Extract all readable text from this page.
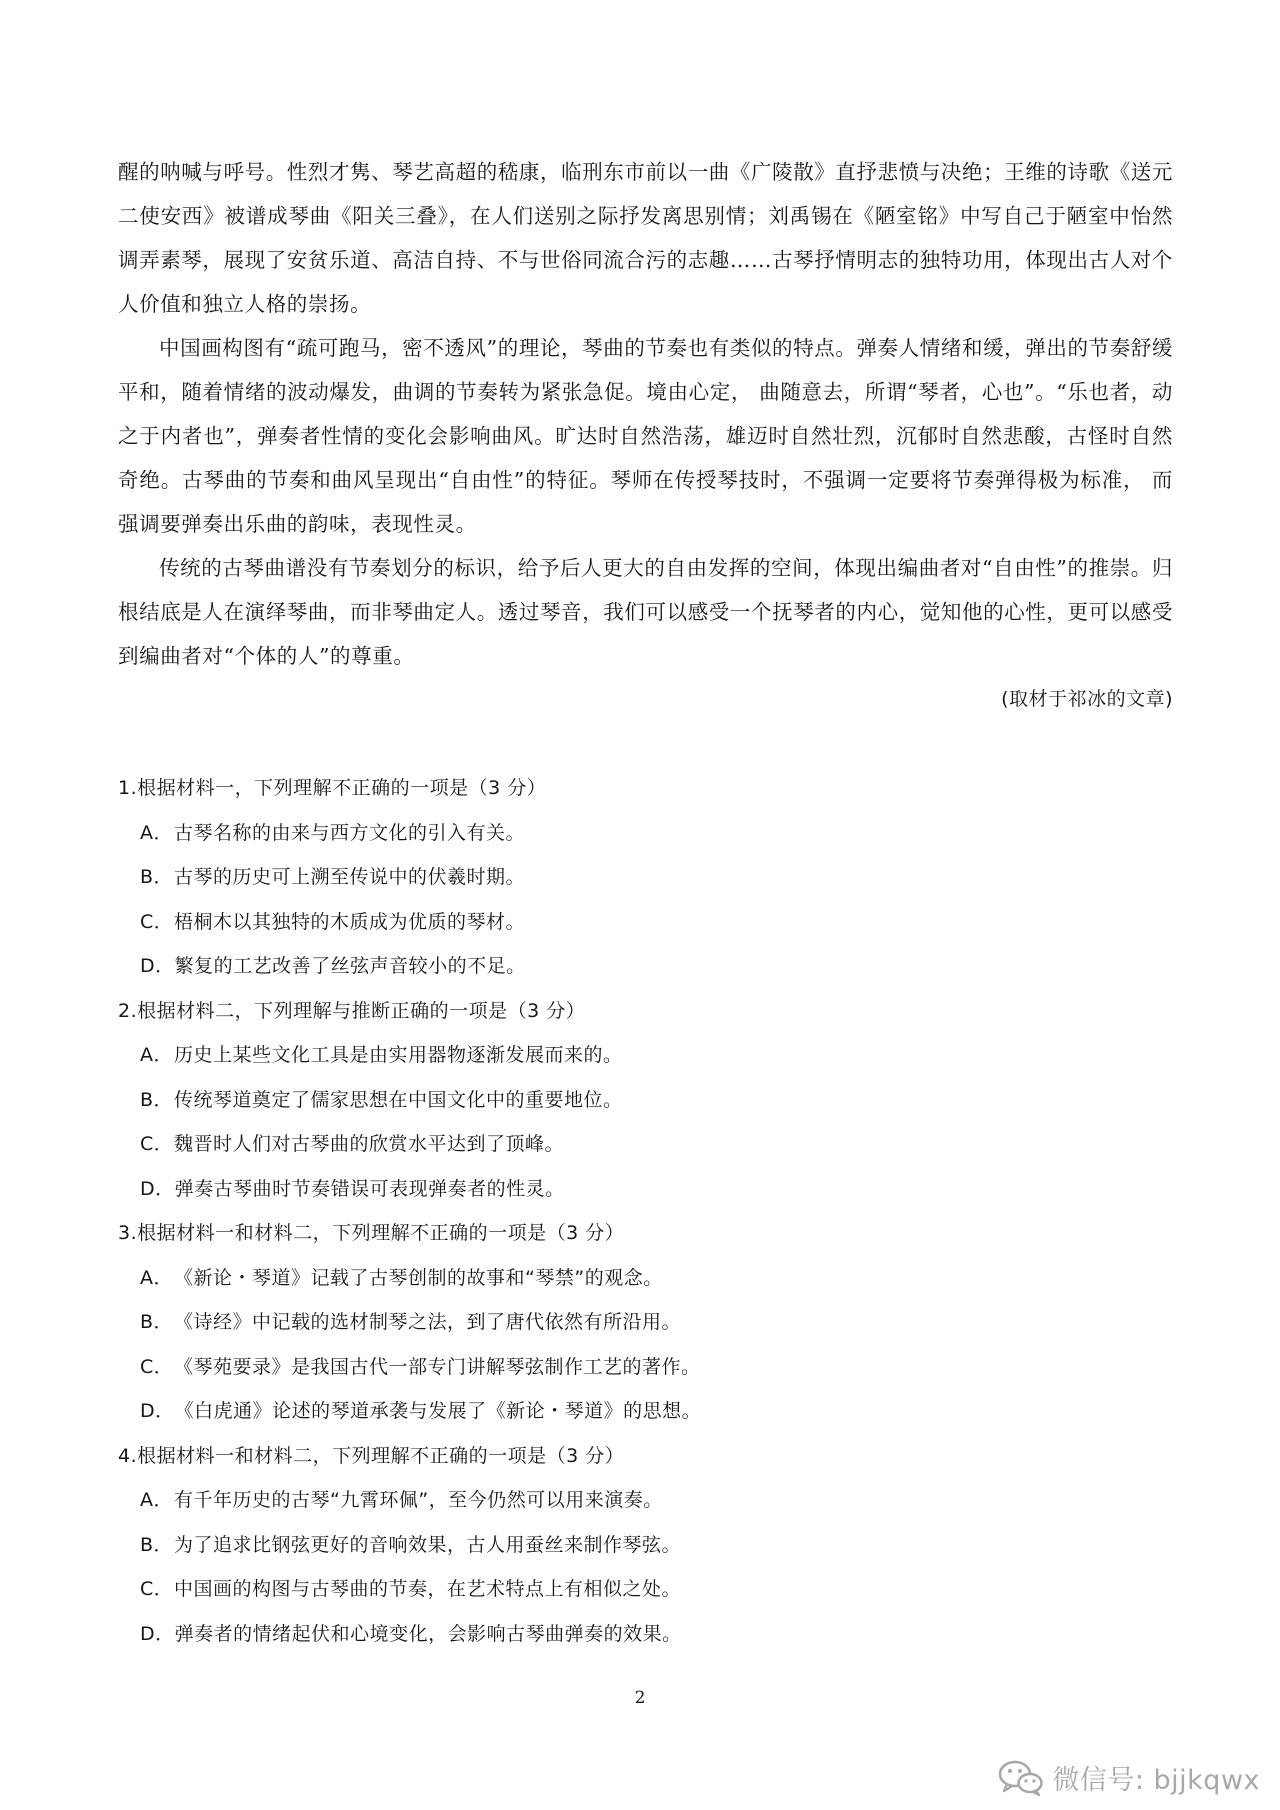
醒的呐喊与呼号。性烈才隽、琴艺高超的嵇康，临刑东市前以一曲《广陵散》直抒悲愤与决绝；王维的诗歌《送元二使安西》被谱成琴曲《阳关三叠》，在人们送别之际抒发离思别情；刘禹锡在《陋室铭》中写自己于陋室中怡然调弄素琴，展现了安贫乐道、高洁自持、不与世俗同流合污的志趣……古琴抒情明志的独特功用，体现出古人对个人价值和独立人格的崇扬。

中国画构图有“疏可跑马，密不透风”的理论，琴曲的节奏也有类似的特点。弹奏人情绪和缓，弹出的节奏舒缓平和，随着情绪的波动爆发，曲调的节奏转为紧张急促。境由心定， 曲随意去，所谓“琴者，心也”。“乐也者，动之于内者也”，弹奏者性情的变化会影响曲风。旷达时自然浩荡，雄迈时自然壮烈，沉郁时自然悲酸，古怪时自然奇绝。古琴曲的节奏和曲风呈现出“自由性”的特征。琴师在传授琴技时，不强调一定要将节奏弹得极为标准， 而强调要弹奏出乐曲的韵味，表现性灵。

传统的古琴曲谱没有节奏划分的标识，给予后人更大的自由发挥的空间，体现出编曲者对“自由性”的推崇。归根结底是人在演绎琴曲，而非琴曲定人。透过琴音，我们可以感受一个抚琴者的内心，觉知他的心性，更可以感受到编曲者对“个体的人”的尊重。

(取材于祁冰的文章)
1.根据材料一，下列理解不正确的一项是（3 分）
A．古琴名称的由来与西方文化的引入有关。
B．古琴的历史可上溯至传说中的伏羲时期。
C．梧桐木以其独特的木质成为优质的琴材。
D．繁复的工艺改善了丝弦声音较小的不足。
2.根据材料二，下列理解与推断正确的一项是（3 分）
A．历史上某些文化工具是由实用器物逐渐发展而来的。
B．传统琴道奠定了儒家思想在中国文化中的重要地位。
C．魏晋时人们对古琴曲的欣赏水平达到了顶峰。
D．弹奏古琴曲时节奏错误可表现弹奏者的性灵。
3.根据材料一和材料二，下列理解不正确的一项是（3 分）
A．《新论・琴道》记载了古琴创制的故事和“琴禁”的观念。
B．《诗经》中记载的选材制琴之法，到了唐代依然有所沿用。
C．《琴苑要录》是我国古代一部专门讲解琴弦制作工艺的著作。
D．《白虎通》论述的琴道承袭与发展了《新论・琴道》的思想。
4.根据材料一和材料二，下列理解不正确的一项是（3 分）
A．有千年历史的古琴“九霄环佩”，至今仍然可以用来演奏。
B．为了追求比钢弦更好的音响效果，古人用蚕丝来制作琴弦。
C．中国画的构图与古琴曲的节奏，在艺术特点上有相似之处。
D．弹奏者的情绪起伏和心境变化，会影响古琴曲弹奏的效果。
2
微信号: bjjkqwx
